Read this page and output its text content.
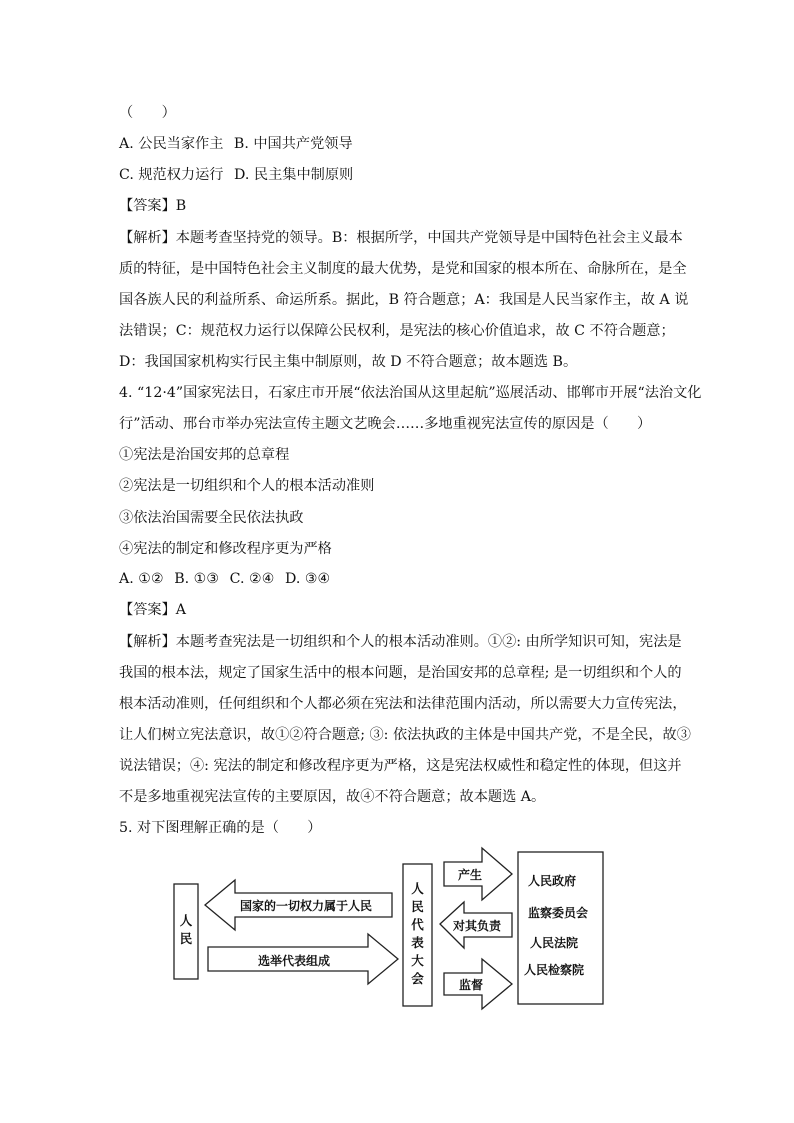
（　　）
A. 公民当家作主 B. 中国共产党领导
C. 规范权力运行 D. 民主集中制原则
【答案】B
【解析】本题考查坚持党的领导。B：根据所学，中国共产党领导是中国特色社会主义最本
质的特征，是中国特色社会主义制度的最大优势，是党和国家的根本所在、命脉所在，是全
国各族人民的利益所系、命运所系。据此，B 符合题意；A：我国是人民当家作主，故 A 说
法错误；C：规范权力运行以保障公民权利，是宪法的核心价值追求，故 C 不符合题意；
D：我国国家机构实行民主集中制原则，故 D 不符合题意；故本题选 B。
4. “12·4”国家宪法日，石家庄市开展“依法治国从这里起航”巡展活动、邯郸市开展“法治文化
行”活动、邢台市举办宪法宣传主题文艺晚会……多地重视宪法宣传的原因是（　　）
①宪法是治国安邦的总章程
②宪法是一切组织和个人的根本活动准则
③依法治国需要全民依法执政
④宪法的制定和修改程序更为严格
A. ①② B. ①③ C. ②④ D. ③④
【答案】A
【解析】本题考查宪法是一切组织和个人的根本活动准则。①②: 由所学知识可知，宪法是
我国的根本法，规定了国家生活中的根本问题，是治国安邦的总章程; 是一切组织和个人的
根本活动准则，任何组织和个人都必须在宪法和法律范围内活动，所以需要大力宣传宪法，
让人们树立宪法意识，故①②符合题意; ③: 依法执政的主体是中国共产党，不是全民，故③
说法错误；④: 宪法的制定和修改程序更为严格，这是宪法权威性和稳定性的体现，但这并
不是多地重视宪法宣传的主要原因，故④不符合题意；故本题选 A。
5. 对下图理解正确的是（　　）
人
民
人
民
代
表
大
会
国家的一切权力属于人民
选举代表组成
产生
对其负责
监督
人民政府
监察委员会
人民法院
人民检察院
